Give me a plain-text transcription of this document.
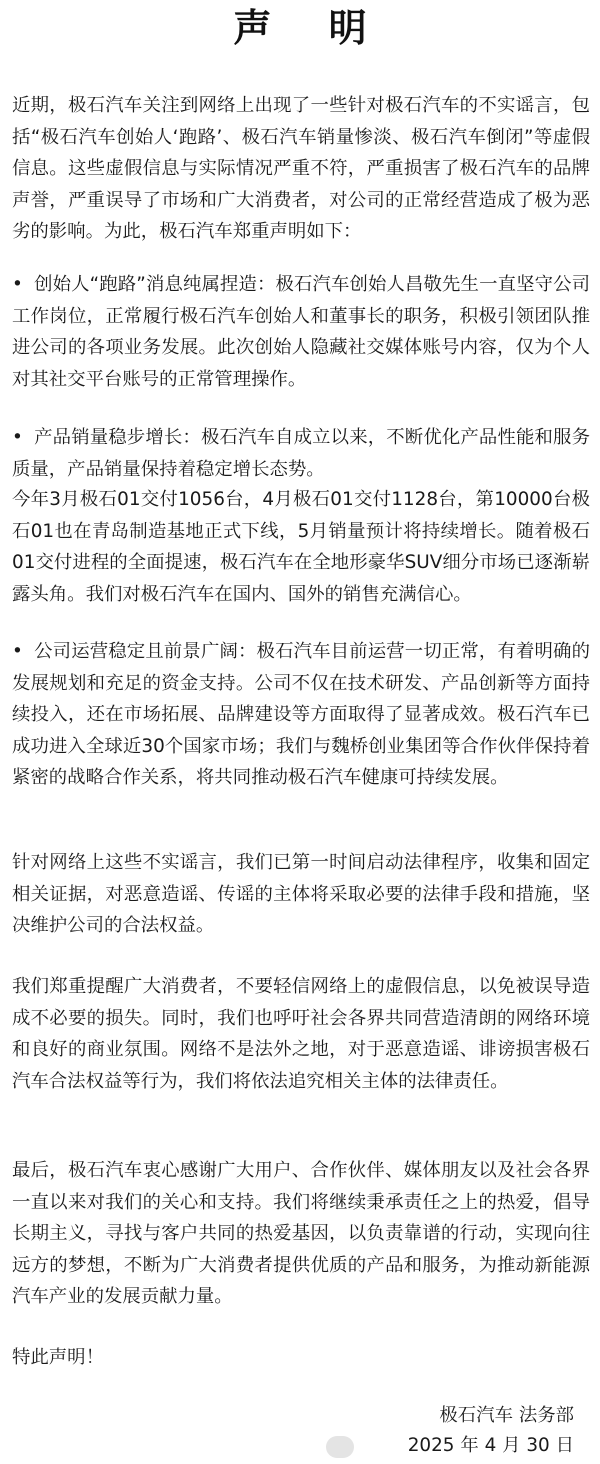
声 明

近期，极石汽车关注到网络上出现了一些针对极石汽车的不实谣言，包括“极石汽车创始人‘跑路’、极石汽车销量惨淡、极石汽车倒闭”等虚假信息。这些虚假信息与实际情况严重不符，严重损害了极石汽车的品牌声誉，严重误导了市场和广大消费者，对公司的正常经营造成了极为恶劣的影响。为此，极石汽车郑重声明如下：

• 创始人“跑路”消息纯属捏造：极石汽车创始人昌敬先生一直坚守公司工作岗位，正常履行极石汽车创始人和董事长的职务，积极引领团队推进公司的各项业务发展。此次创始人隐藏社交媒体账号内容，仅为个人对其社交平台账号的正常管理操作。

• 产品销量稳步增长：极石汽车自成立以来，不断优化产品性能和服务质量，产品销量保持着稳定增长态势。

今年3月极石01交付1056台，4月极石01交付1128台，第10000台极石01也在青岛制造基地正式下线，5月销量预计将持续增长。随着极石01交付进程的全面提速，极石汽车在全地形豪华SUV细分市场已逐渐崭露头角。我们对极石汽车在国内、国外的销售充满信心。

• 公司运营稳定且前景广阔：极石汽车目前运营一切正常，有着明确的发展规划和充足的资金支持。公司不仅在技术研发、产品创新等方面持续投入，还在市场拓展、品牌建设等方面取得了显著成效。极石汽车已成功进入全球近30个国家市场；我们与魏桥创业集团等合作伙伴保持着紧密的战略合作关系，将共同推动极石汽车健康可持续发展。

针对网络上这些不实谣言，我们已第一时间启动法律程序，收集和固定相关证据，对恶意造谣、传谣的主体将采取必要的法律手段和措施，坚决维护公司的合法权益。

我们郑重提醒广大消费者，不要轻信网络上的虚假信息，以免被误导造成不必要的损失。同时，我们也呼吁社会各界共同营造清朗的网络环境和良好的商业氛围。网络不是法外之地，对于恶意造谣、诽谤损害极石汽车合法权益等行为，我们将依法追究相关主体的法律责任。

最后，极石汽车衷心感谢广大用户、合作伙伴、媒体朋友以及社会各界一直以来对我们的关心和支持。我们将继续秉承责任之上的热爱，倡导长期主义，寻找与客户共同的热爱基因，以负责靠谱的行动，实现向往远方的梦想，不断为广大消费者提供优质的产品和服务，为推动新能源汽车产业的发展贡献力量。

特此声明！

极石汽车 法务部
2025 年 4 月 30 日
